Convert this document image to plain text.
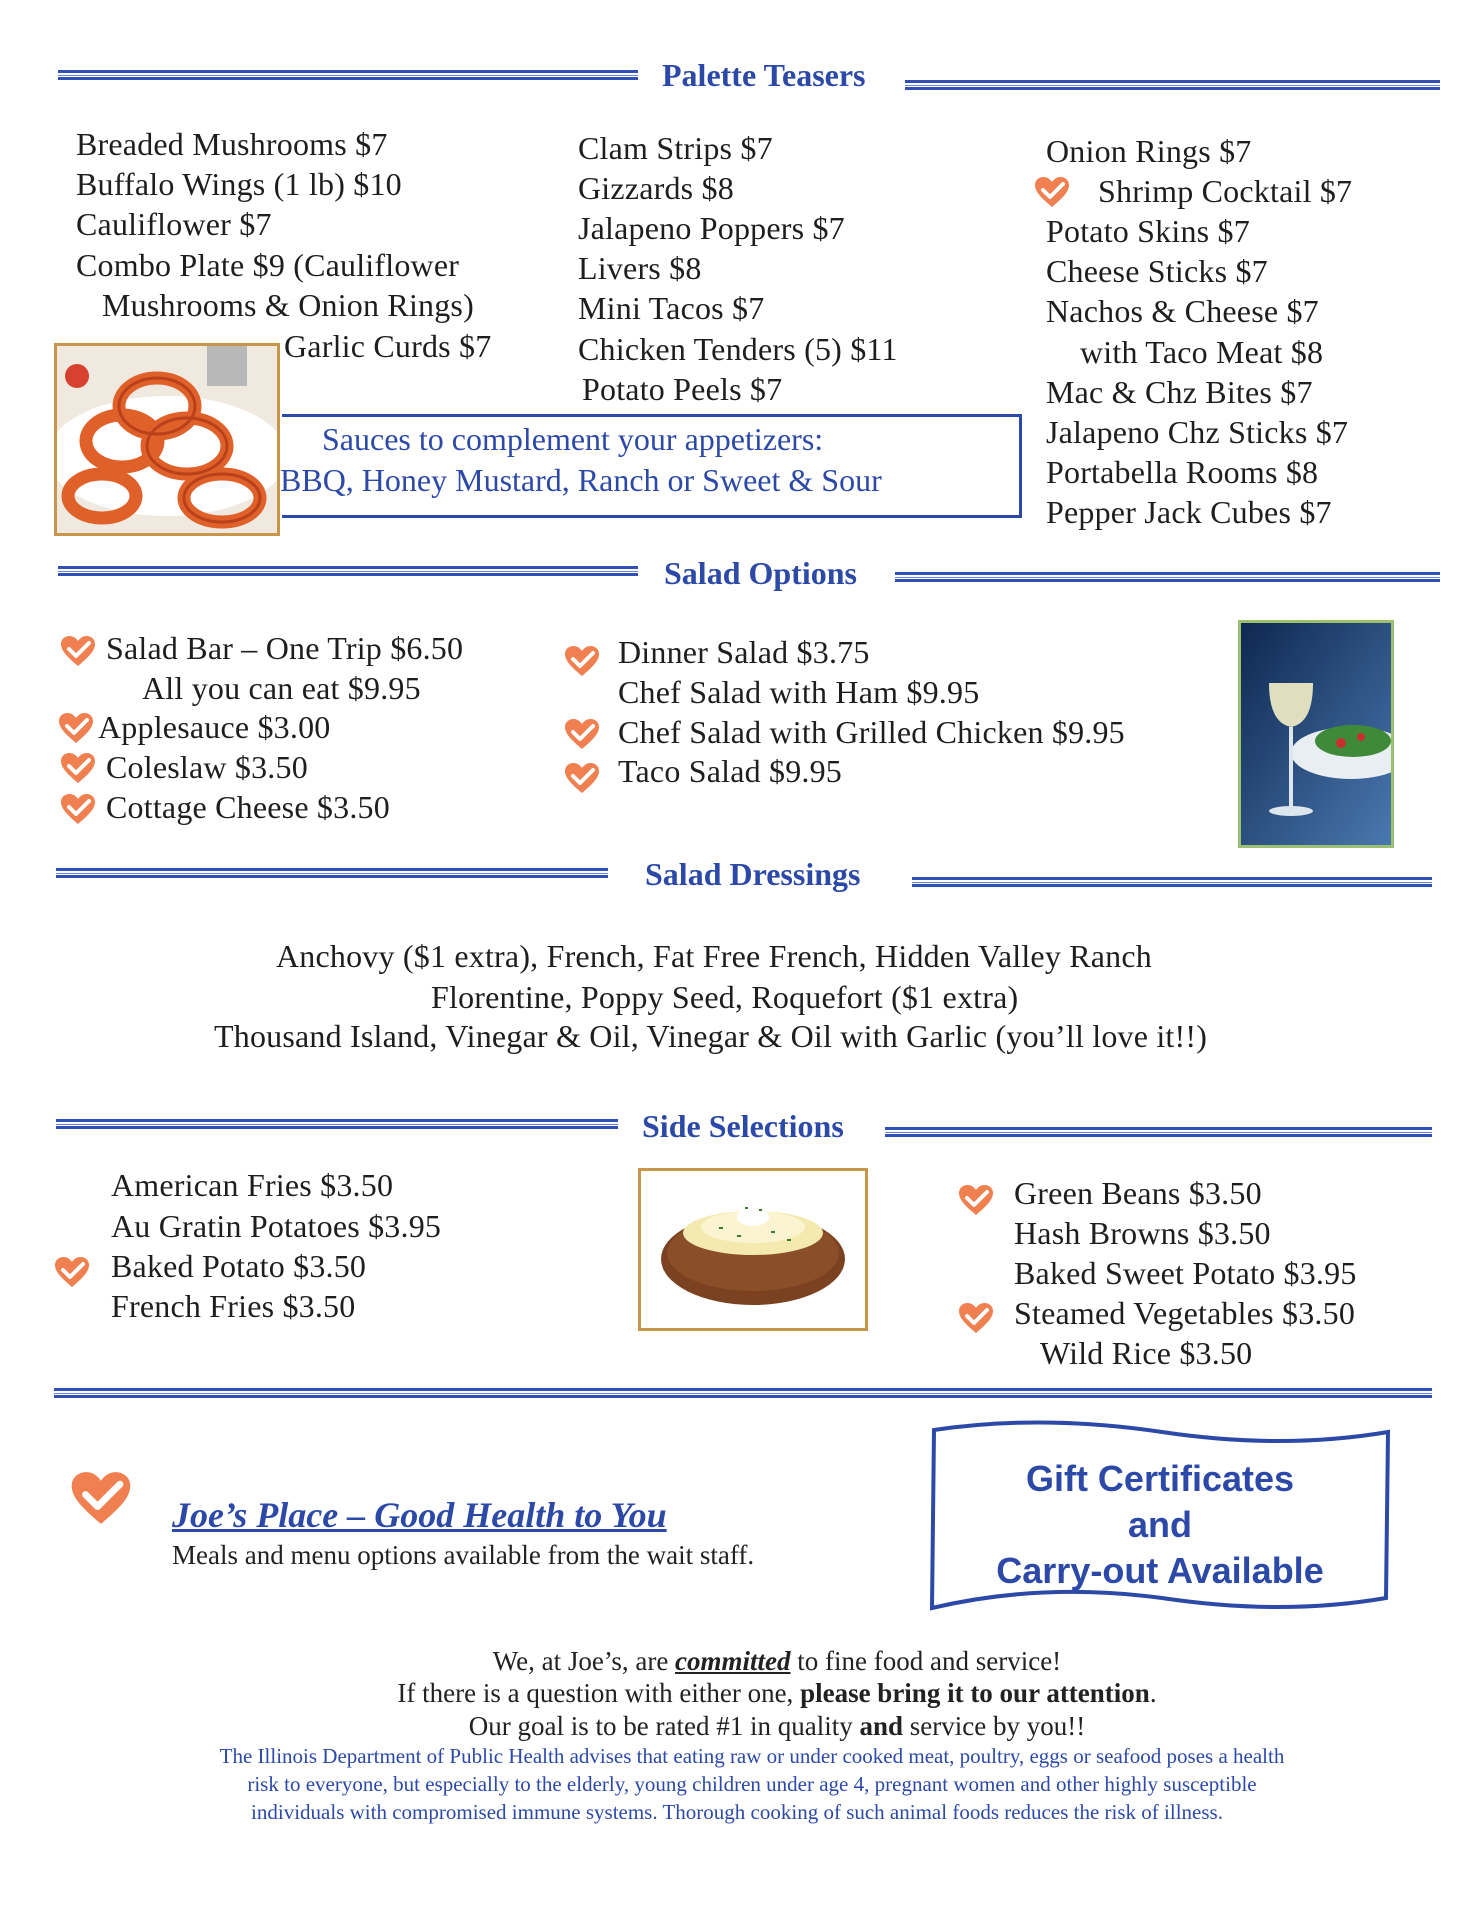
Palette Teasers
Breaded Mushrooms $7
Buffalo Wings (1 lb) $10
Cauliflower $7
Combo Plate $9 (Cauliflower
Mushrooms & Onion Rings)
Garlic Curds $7
Clam Strips $7
Gizzards $8
Jalapeno Poppers $7
Livers $8
Mini Tacos $7
Chicken Tenders (5) $11
Potato Peels $7
Onion Rings $7
Shrimp Cocktail $7
Potato Skins $7
Cheese Sticks $7
Nachos & Cheese $7
with Taco Meat $8
Mac & Chz Bites $7
Jalapeno Chz Sticks $7
Portabella Rooms $8
Pepper Jack Cubes $7
Sauces to complement your appetizers:
BBQ, Honey Mustard, Ranch or Sweet & Sour
Salad Options
Salad Bar – One Trip $6.50
All you can eat $9.95
Applesauce $3.00
Coleslaw $3.50
Cottage Cheese $3.50
Dinner Salad $3.75
Chef Salad with Ham $9.95
Chef Salad with Grilled Chicken $9.95
Taco Salad $9.95
Salad Dressings
Anchovy ($1 extra), French, Fat Free French, Hidden Valley Ranch
Florentine, Poppy Seed, Roquefort ($1 extra)
Thousand Island, Vinegar & Oil, Vinegar & Oil with Garlic (you’ll love it!!)
Side Selections
American Fries $3.50
Au Gratin Potatoes $3.95
Baked Potato $3.50
French Fries $3.50
Green Beans $3.50
Hash Browns $3.50
Baked Sweet Potato $3.95
Steamed Vegetables $3.50
Wild Rice $3.50
Joe’s Place – Good Health to You
Meals and menu options available from the wait staff.
Gift Certificates
and
Carry-out Available
We, at Joe’s, are committed to fine food and service!
If there is a question with either one, please bring it to our attention.
Our goal is to be rated #1 in quality and service by you!!
The Illinois Department of Public Health advises that eating raw or under cooked meat, poultry, eggs or seafood poses a health
risk to everyone, but especially to the elderly, young children under age 4, pregnant women and other highly susceptible
individuals with compromised immune systems. Thorough cooking of such animal foods reduces the risk of illness.
